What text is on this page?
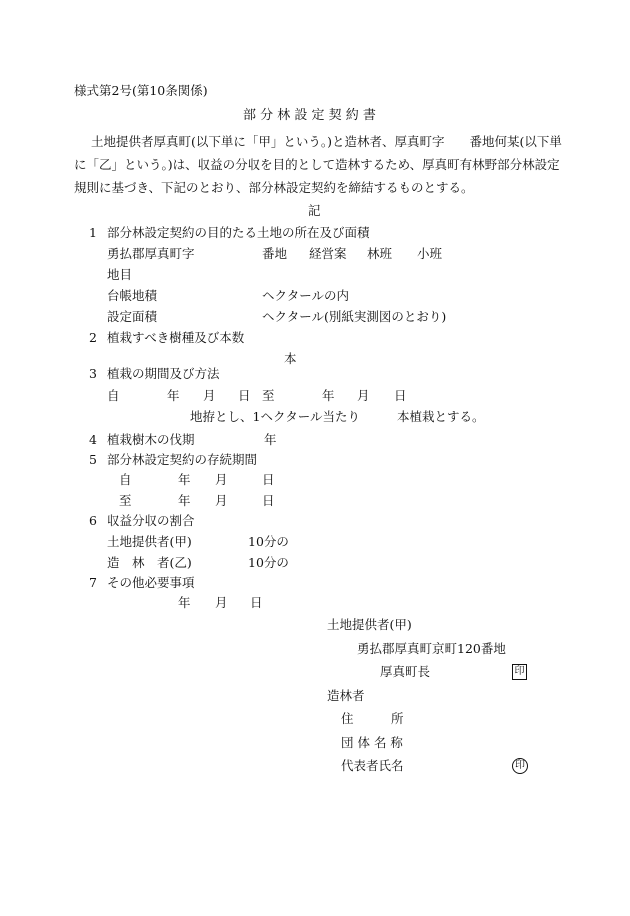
様式第2号(第10条関係)
部 分 林 設 定 契 約 書
土地提供者厚真町(以下単に「甲」という。)と造林者、厚真町字　　番地何某(以下単
に「乙」という。)は、収益の分収を目的として造林するため、厚真町有林野部分林設定
規則に基づき、下記のとおり、部分林設定契約を締結するものとする。
記
1 部分林設定契約の目的たる土地の所在及び面積
勇払郡厚真町字	番地 経営案 林班 小班
地目
台帳地積	ヘクタールの内
設定面積	ヘクタール(別紙実測図のとおり)
2 植栽すべき樹種及び本数
本
3 植栽の期間及び方法
自	年 月 日 至	年 月 日
地拵とし、1ヘクタール当たり	本植栽とする。
4 植栽樹木の伐期	年
5 部分林設定契約の存続期間
自	年 月	日
至	年 月	日
6 収益分収の割合
土地提供者(甲)	10分の
造　林　者(乙)	10分の
7 その他必要事項
年 月 日
土地提供者(甲)
勇払郡厚真町京町120番地
厚真町長	印
造林者
住　　　所
団 体 名 称
代表者氏名	印
